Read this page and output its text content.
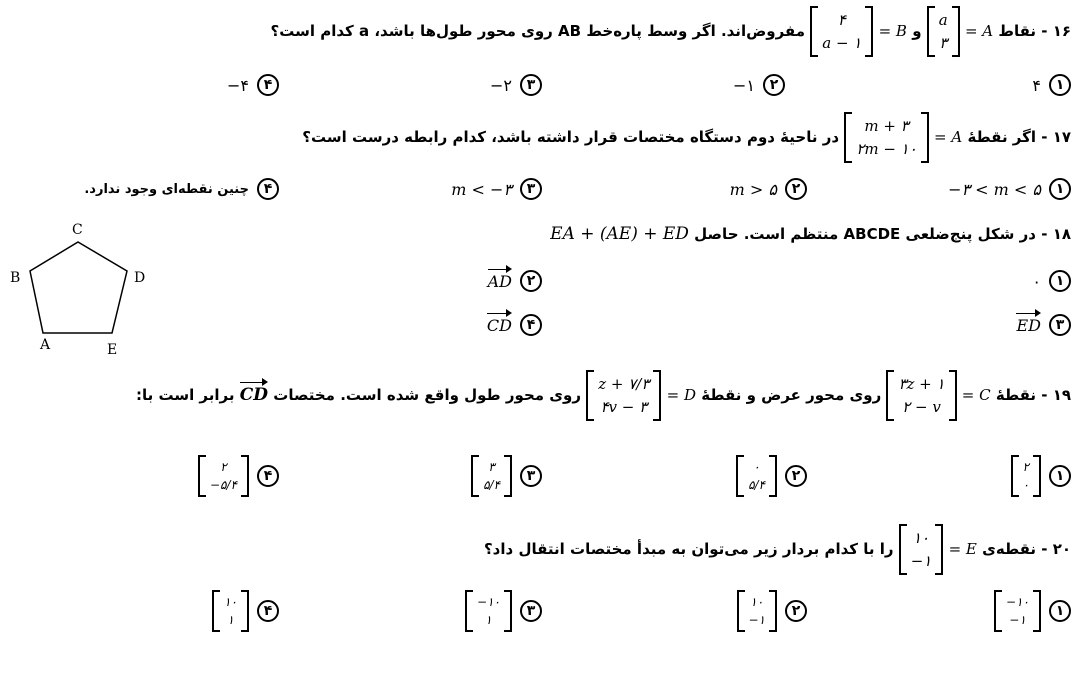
۱۶ - نقاط A =
a
۳
و B =
۴
a − ۱
مفروض‌اند. اگر وسط پاره‌خط AB روی محور طول‌ها باشد، a کدام است؟
۴	۱
−۱	۲
−۲	۳
−۴	۴
۱۷ - اگر نقطهٔ A =
m + ۳
۲m − ۱۰
در ناحیهٔ دوم دستگاه مختصات قرار داشته باشد، کدام رابطه درست است؟
−۳ < m < ۵	۱
m > ۵	۲
m < −۳	۳
۴
چنین نقطه‌ای وجود ندارد.
۱۸ - در شکل پنج‌ضلعی ABCDE منتظم است. حاصل EA + (AE) + ED
A
B
C
D
E
۰	۱
AD	۲
ED	۳
CD	۴
۱۹ - نقطهٔ C =
۳z + ۱
۲ − v
روی محور عرض و نقطهٔ D =
z + ۷/۳
۴v − ۳
روی محور طول واقع شده است. مختصات CD برابر است با:
۲
۰
۱
۰
۵/۴
۲
۳
۵/۴
۳
۲
−۵/۴
۴
۲۰ - نقطه‌ی E =
۱۰
−۱
را با کدام بردار زیر می‌توان به مبدأ مختصات انتقال داد؟
−۱۰
−۱
۱
۱۰
−۱
۲
−۱۰
۱
۳
۱۰
۱
۴
